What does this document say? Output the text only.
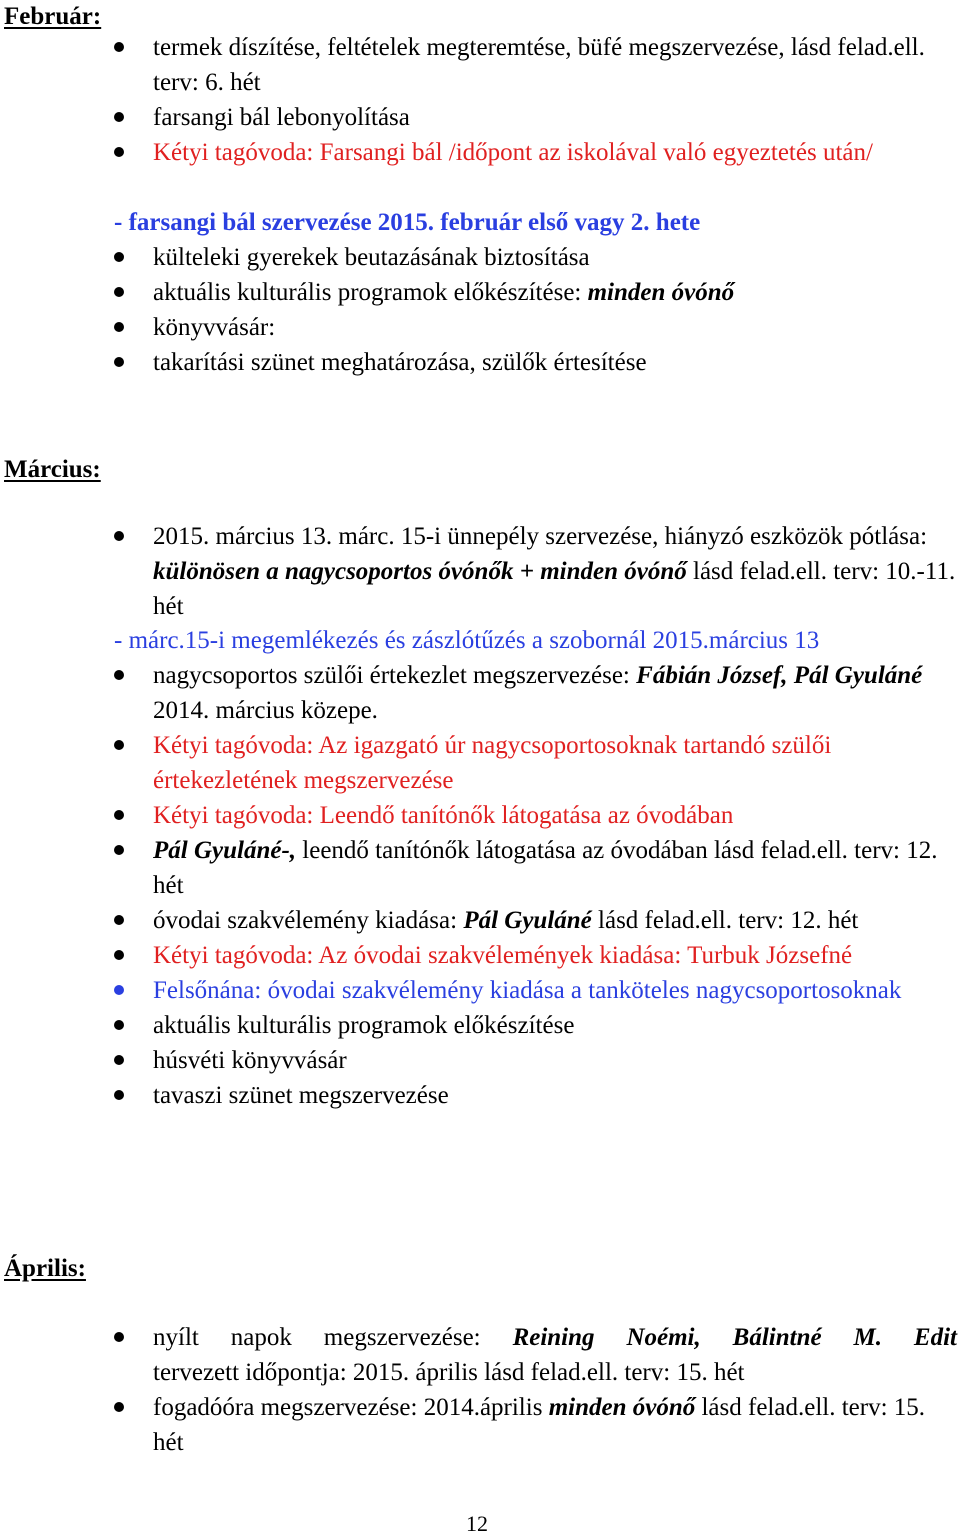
Február:
termek díszítése, feltételek megteremtése, büfé megszervezése, lásd felad.ell. terv: 6. hét
farsangi bál lebonyolítása
Kétyi tagóvoda: Farsangi bál /időpont az iskolával való egyeztetés után/
- farsangi bál szervezése 2015. február első vagy 2. hete
külteleki gyerekek beutazásának biztosítása
aktuális kulturális programok előkészítése: minden óvónő
könyvvásár:
takarítási szünet meghatározása, szülők értesítése
Március:
2015. március 13. márc. 15-i ünnepély szervezése, hiányzó eszközök pótlása: különösen a nagycsoportos óvónők + minden óvónő lásd felad.ell. terv: 10.-11. hét
- márc.15-i megemlékezés és zászlótűzés a szobornál 2015.március 13
nagycsoportos szülői értekezlet megszervezése: Fábián József, Pál Gyuláné 2014. március közepe.
Kétyi tagóvoda: Az igazgató úr nagycsoportosoknak tartandó szülői értekezletének megszervezése
Kétyi tagóvoda: Leendő tanítónők látogatása az óvodában
Pál Gyuláné-, leendő tanítónők látogatása az óvodában lásd felad.ell. terv: 12. hét
óvodai szakvélemény kiadása: Pál Gyuláné lásd felad.ell. terv: 12. hét
Kétyi tagóvoda: Az óvodai szakvélemények kiadása: Turbuk Józsefné
Felsőnána: óvodai szakvélemény kiadása a tanköteles nagycsoportosoknak
aktuális kulturális programok előkészítése
húsvéti könyvvásár
tavaszi szünet megszervezése
Április:
nyílt napok megszervezése: Reining Noémi, Bálintné M. Edit
tervezett időpontja: 2015. április lásd felad.ell. terv: 15. hét
fogadóóra megszervezése: 2014.április minden óvónő lásd felad.ell. terv: 15. hét
12
